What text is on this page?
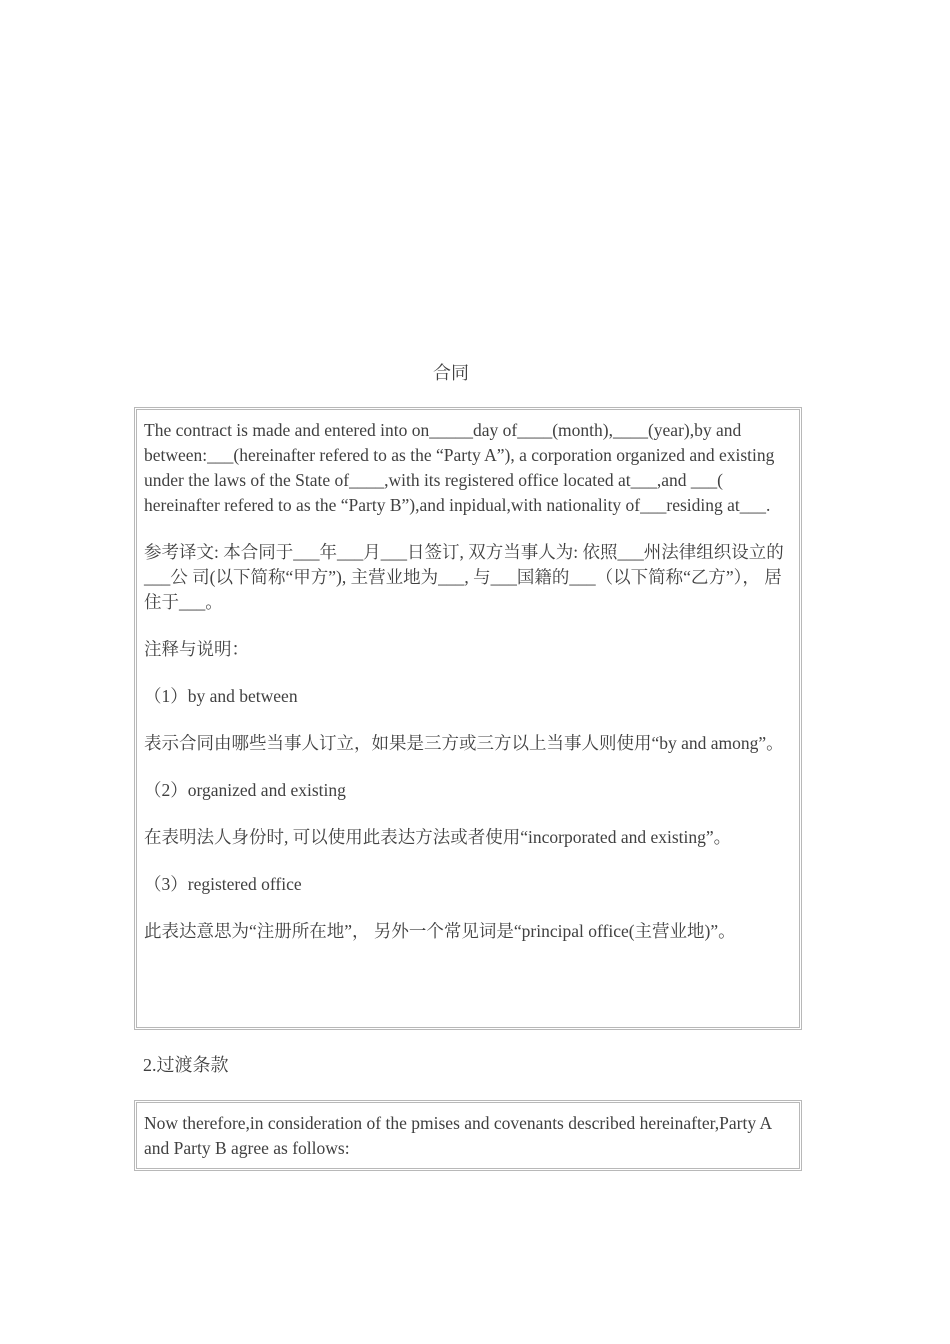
合同

The contract is made and entered into on_____day of____(month),____(year),by and between:___(hereinafter refered to as the “Party A”), a corporation organized and existing under the laws of the State of____,with its registered office located at___,and ___( hereinafter refered to as the “Party B”),and inpidual,with nationality of___residing at___.

参考译文: 本合同于___年___月___日签订, 双方当事人为: 依照___州法律组织设立的___公 司(以下简称“甲方”), 主营业地为___, 与___国籍的___（以下简称“乙方”）， 居住于___。

注释与说明：

（1）by and between

表示合同由哪些当事人订立，如果是三方或三方以上当事人则使用“by and among”。

（2）organized and existing

在表明法人身份时, 可以使用此表达方法或者使用“incorporated and existing”。

（3）registered office

此表达意思为“注册所在地”， 另外一个常见词是“principal office(主营业地)”。

2.过渡条款

Now therefore,in consideration of the pmises and covenants described hereinafter,Party A and Party B agree as follows:
